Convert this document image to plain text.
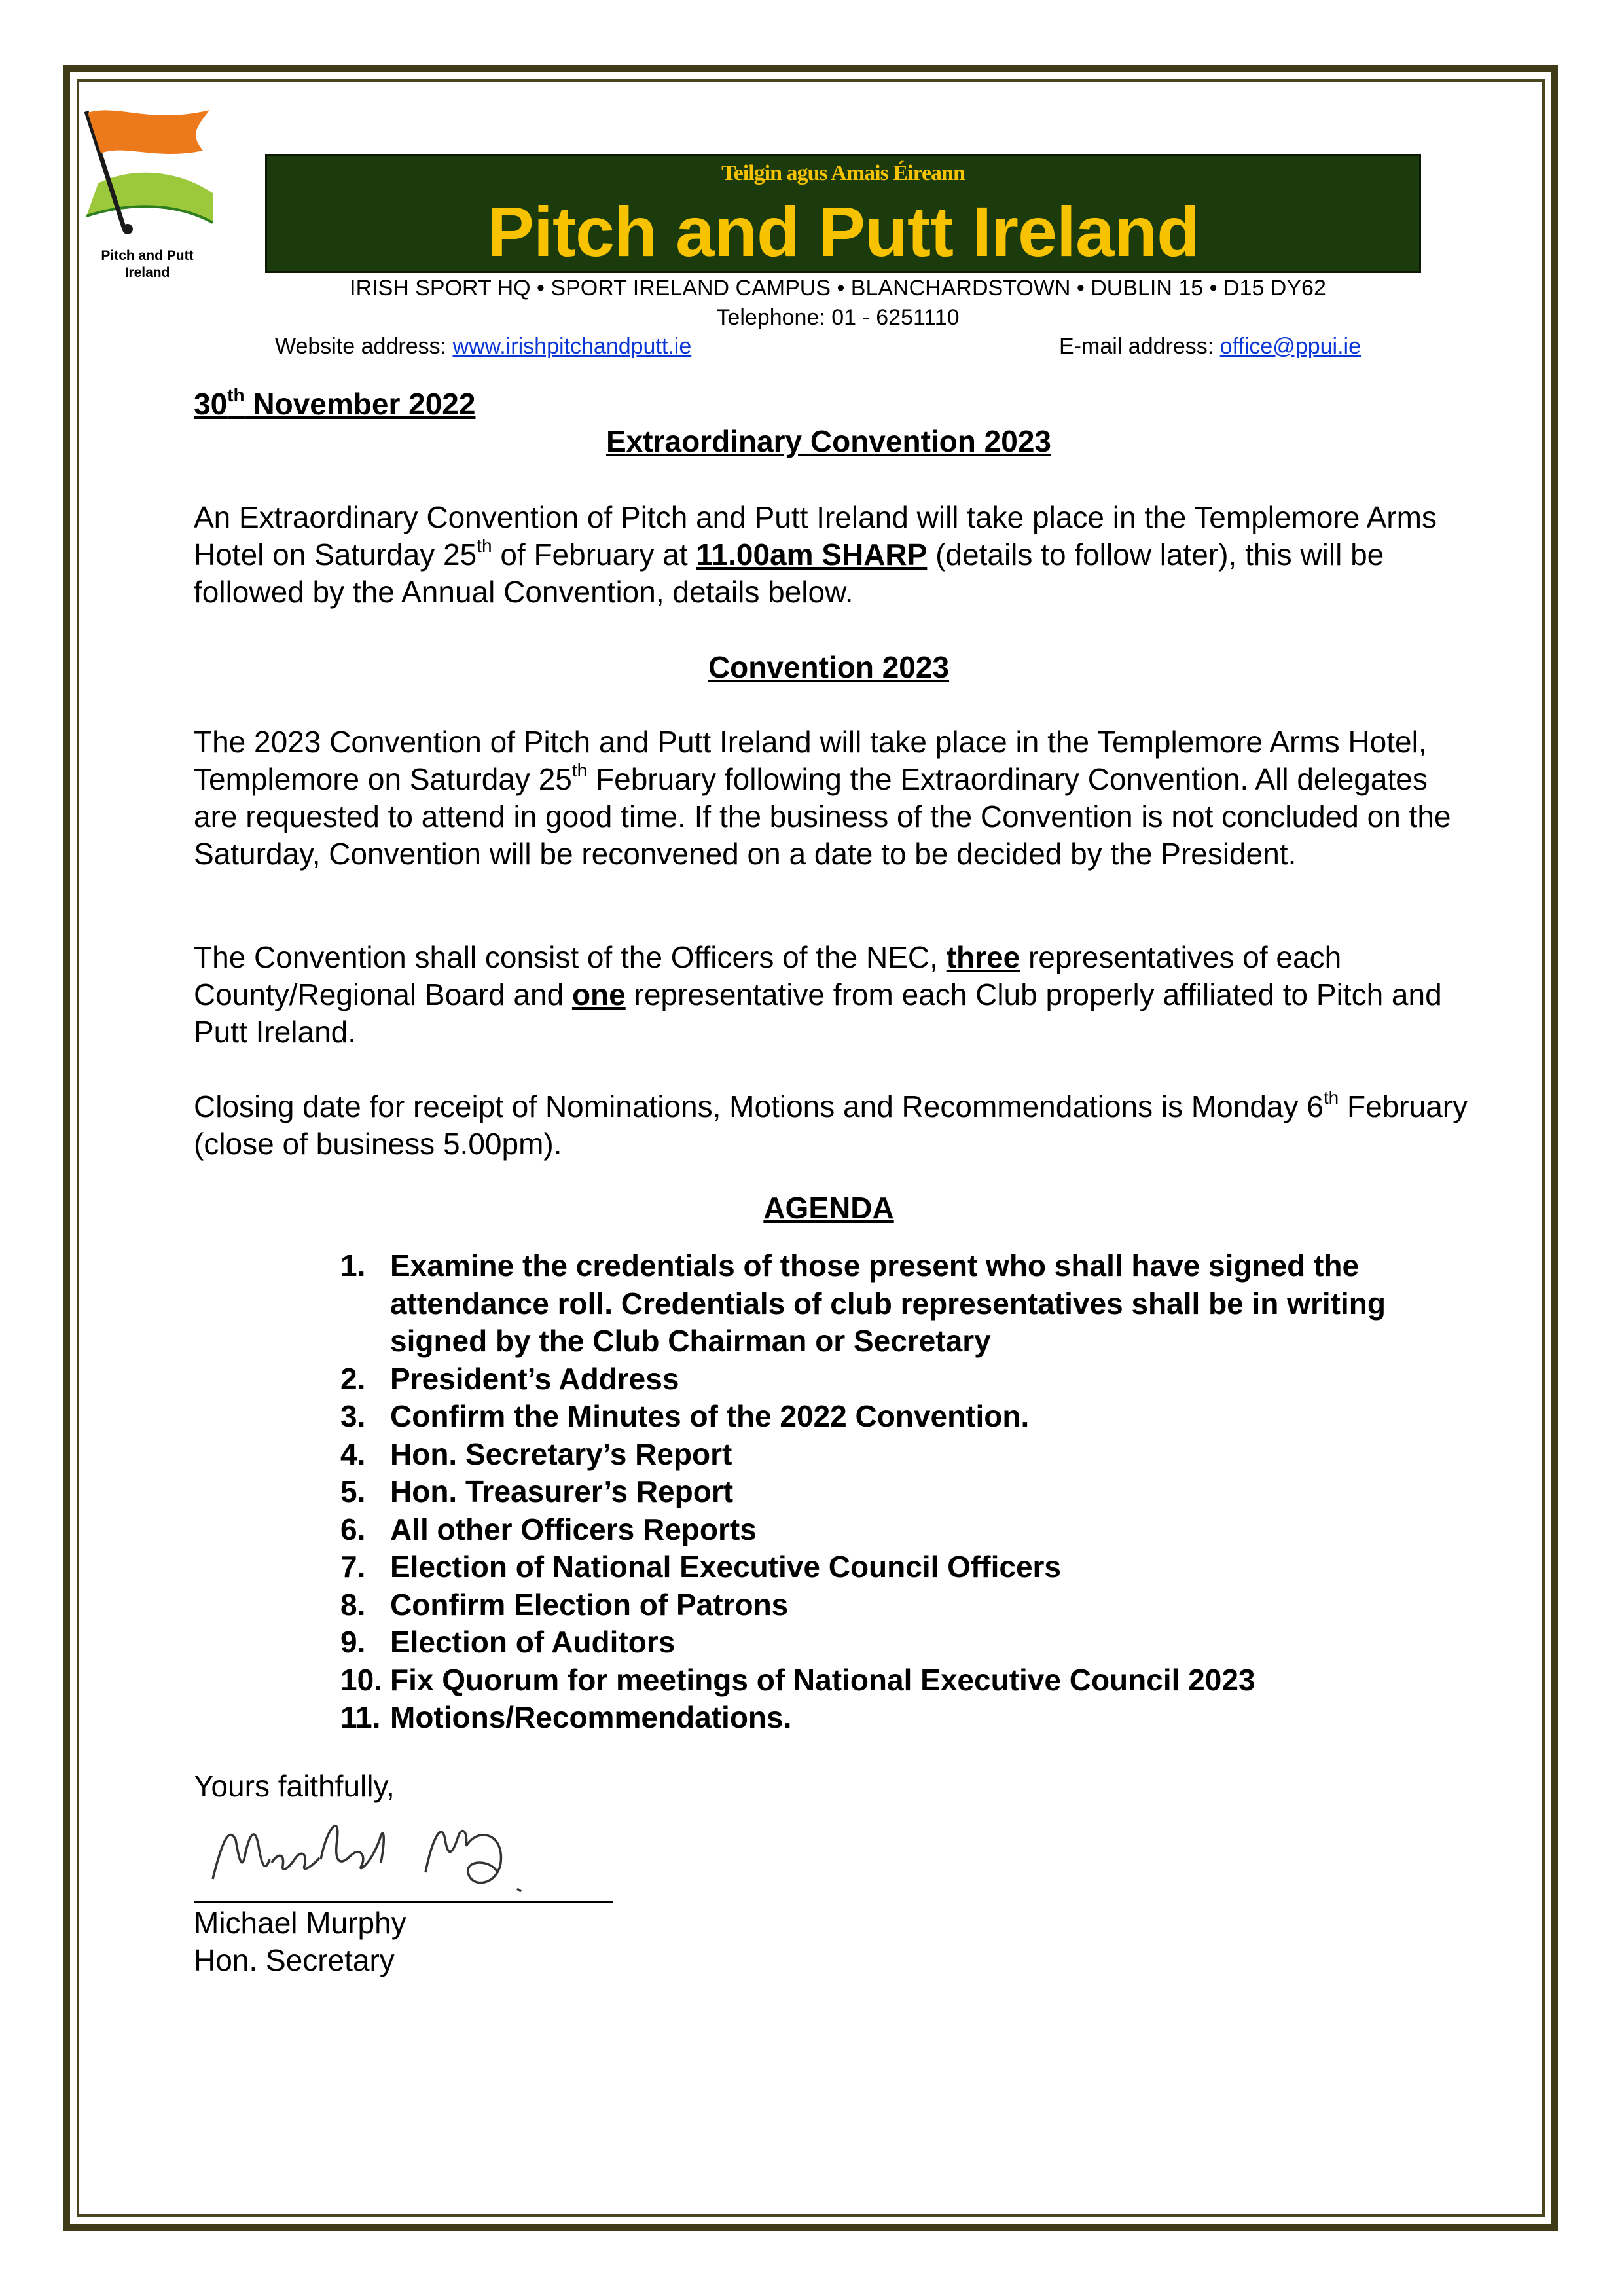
Pitch and Putt Ireland
Teilgin agus Amais Éireann
Pitch and Putt Ireland
IRISH SPORT HQ • SPORT IRELAND CAMPUS • BLANCHARDSTOWN • DUBLIN 15 • D15 DY62
Telephone: 01 - 6251110
Website address: www.irishpitchandputt.ie	E-mail address: office@ppui.ie
30th November 2022
Extraordinary Convention 2023
An Extraordinary Convention of Pitch and Putt Ireland will take place in the Templemore Arms Hotel on Saturday 25th of February at 11.00am SHARP (details to follow later), this will be followed by the Annual Convention, details below.
Convention 2023
The 2023 Convention of Pitch and Putt Ireland will take place in the Templemore Arms Hotel, Templemore on Saturday 25th February following the Extraordinary Convention. All delegates are requested to attend in good time. If the business of the Convention is not concluded on the Saturday, Convention will be reconvened on a date to be decided by the President.
The Convention shall consist of the Officers of the NEC, three representatives of each County/Regional Board and one representative from each Club properly affiliated to Pitch and Putt Ireland.
Closing date for receipt of Nominations, Motions and Recommendations is Monday 6th February (close of business 5.00pm).
AGENDA
1. Examine the credentials of those present who shall have signed the attendance roll. Credentials of club representatives shall be in writing signed by the Club Chairman or Secretary
2. President’s Address
3. Confirm the Minutes of the 2022 Convention.
4. Hon. Secretary’s Report
5. Hon. Treasurer’s Report
6. All other Officers Reports
7. Election of National Executive Council Officers
8. Confirm Election of Patrons
9. Election of Auditors
10. Fix Quorum for meetings of National Executive Council 2023
11. Motions/Recommendations.
Yours faithfully,
Michael Murphy
Hon. Secretary
